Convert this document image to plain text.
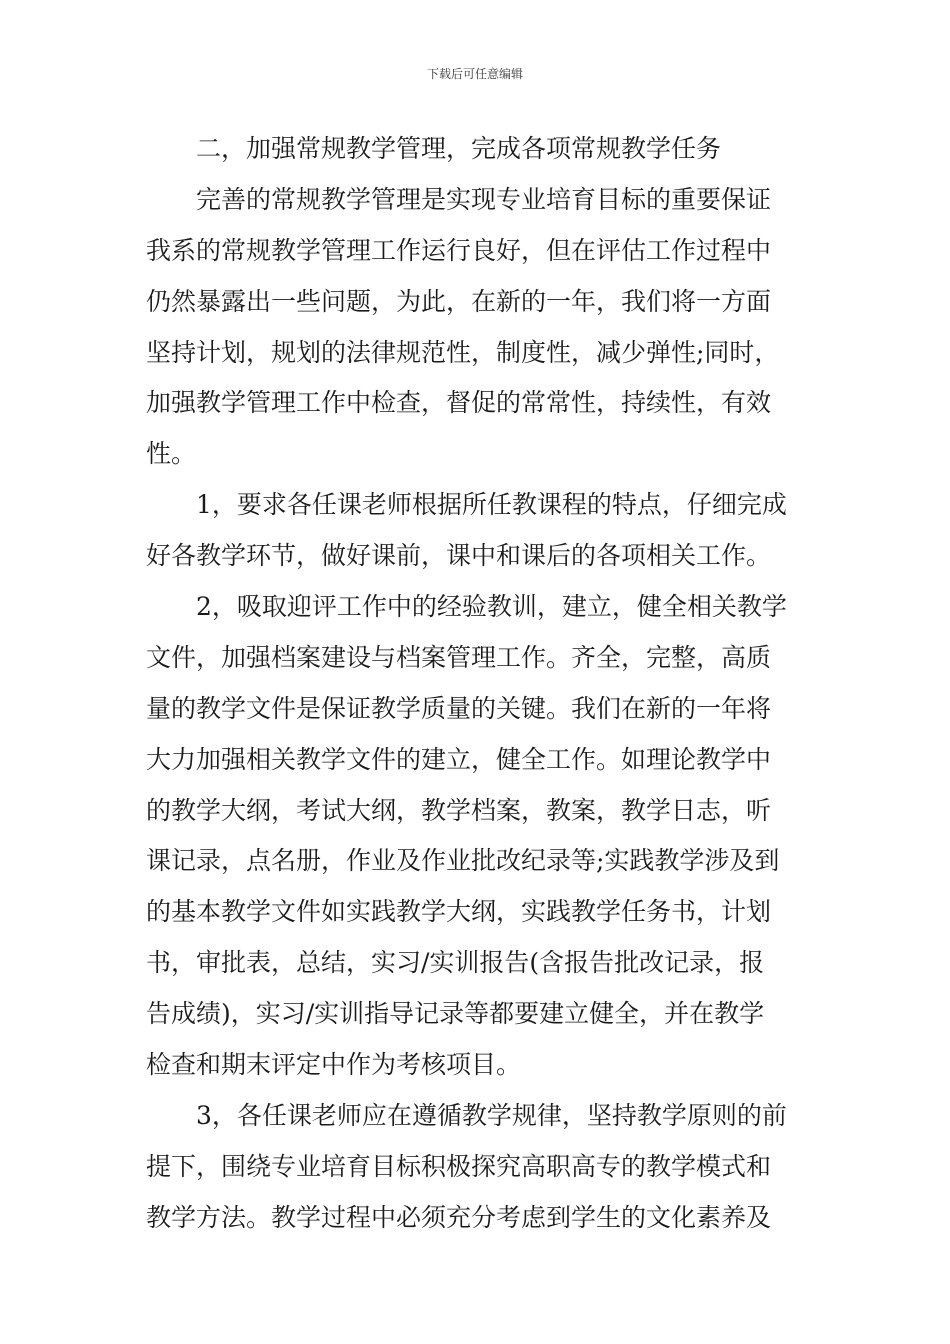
下载后可任意编辑
二，加强常规教学管理，完成各项常规教学任务
完善的常规教学管理是实现专业培育目标的重要保证
我系的常规教学管理工作运行良好，但在评估工作过程中
仍然暴露出一些问题，为此，在新的一年，我们将一方面
坚持计划，规划的法律规范性，制度性，减少弹性;同时，
加强教学管理工作中检查，督促的常常性，持续性，有效
性。
1，要求各任课老师根据所任教课程的特点，仔细完成
好各教学环节，做好课前，课中和课后的各项相关工作。
2，吸取迎评工作中的经验教训，建立，健全相关教学
文件，加强档案建设与档案管理工作。齐全，完整，高质
量的教学文件是保证教学质量的关键。我们在新的一年将
大力加强相关教学文件的建立，健全工作。如理论教学中
的教学大纲，考试大纲，教学档案，教案，教学日志，听
课记录，点名册，作业及作业批改纪录等;实践教学涉及到
的基本教学文件如实践教学大纲，实践教学任务书，计划
书，审批表，总结，实习/实训报告(含报告批改记录，报
告成绩)，实习/实训指导记录等都要建立健全，并在教学
检查和期末评定中作为考核项目。
3，各任课老师应在遵循教学规律，坚持教学原则的前
提下，围绕专业培育目标积极探究高职高专的教学模式和
教学方法。教学过程中必须充分考虑到学生的文化素养及
